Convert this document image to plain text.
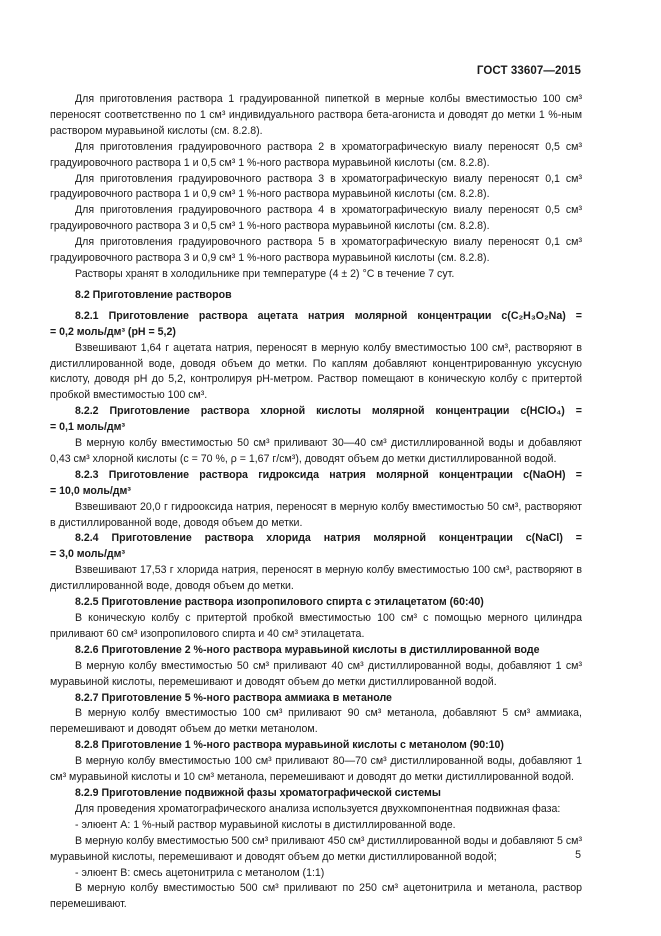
ГОСТ 33607—2015

Для приготовления раствора 1 градуированной пипеткой в мерные колбы вместимостью 100 см³ переносят соответственно по 1 см³ индивидуального раствора бета-агониста и доводят до метки 1 %-ным раствором муравьиной кислоты (см. 8.2.8).

Для приготовления градуировочного раствора 2 в хроматографическую виалу переносят 0,5 см³ градуировочного раствора 1 и 0,5 см³ 1 %-ного раствора муравьиной кислоты (см. 8.2.8).

Для приготовления градуировочного раствора 3 в хроматографическую виалу переносят 0,1 см³ градуировочного раствора 1 и 0,9 см³ 1 %-ного раствора муравьиной кислоты (см. 8.2.8).

Для приготовления градуировочного раствора 4 в хроматографическую виалу переносят 0,5 см³ градуировочного раствора 3 и 0,5 см³ 1 %-ного раствора муравьиной кислоты (см. 8.2.8).

Для приготовления градуировочного раствора 5 в хроматографическую виалу переносят 0,1 см³ градуировочного раствора 3 и 0,9 см³ 1 %-ного раствора муравьиной кислоты (см. 8.2.8).

Растворы хранят в холодильнике при температуре (4 ± 2) °С в течение 7 сут.

8.2 Приготовление растворов

8.2.1 Приготовление раствора ацетата натрия молярной концентрации с(C₂H₃O₂Na) =

= 0,2 моль/дм³ (pH = 5,2)

Взвешивают 1,64 г ацетата натрия, переносят в мерную колбу вместимостью 100 см³, растворяют в дистиллированной воде, доводя объем до метки. По каплям добавляют концентрированную уксусную кислоту, доводя pH до 5,2, контролируя pH-метром. Раствор помещают в коническую колбу с притертой пробкой вместимостью 100 см³.

8.2.2 Приготовление раствора хлорной кислоты молярной концентрации с(HClO₄) =

= 0,1 моль/дм³

В мерную колбу вместимостью 50 см³ приливают 30—40 см³ дистиллированной воды и добавляют 0,43 см³ хлорной кислоты (с = 70 %, ρ = 1,67 г/см³), доводят объем до метки дистиллированной водой.

8.2.3 Приготовление раствора гидроксида натрия молярной концентрации с(NaOH) =

= 10,0 моль/дм³

Взвешивают 20,0 г гидрооксида натрия, переносят в мерную колбу вместимостью 50 см³, растворяют в дистиллированной воде, доводя объем до метки.

8.2.4 Приготовление раствора хлорида натрия молярной концентрации с(NaCl) =

= 3,0 моль/дм³

Взвешивают 17,53 г хлорида натрия, переносят в мерную колбу вместимостью 100 см³, растворяют в дистиллированной воде, доводя объем до метки.

8.2.5 Приготовление раствора изопропилового спирта с этилацетатом (60:40)

В коническую колбу с притертой пробкой вместимостью 100 см³ с помощью мерного цилиндра приливают 60 см³ изопропилового спирта и 40 см³ этилацетата.

8.2.6 Приготовление 2 %-ного раствора муравьиной кислоты в дистиллированной воде

В мерную колбу вместимостью 50 см³ приливают 40 см³ дистиллированной воды, добавляют 1 см³ муравьиной кислоты, перемешивают и доводят объем до метки дистиллированной водой.

8.2.7 Приготовление 5 %-ного раствора аммиака в метаноле

В мерную колбу вместимостью 100 см³ приливают 90 см³ метанола, добавляют 5 см³ аммиака, перемешивают и доводят объем до метки метанолом.

8.2.8 Приготовление 1 %-ного раствора муравьиной кислоты с метанолом (90:10)

В мерную колбу вместимостью 100 см³ приливают 80—70 см³ дистиллированной воды, добавляют 1 см³ муравьиной кислоты и 10 см³ метанола, перемешивают и доводят до метки дистиллированной водой.

8.2.9 Приготовление подвижной фазы хроматографической системы

Для проведения хроматографического анализа используется двухкомпонентная подвижная фаза:

- элюент А: 1 %-ный раствор муравьиной кислоты в дистиллированной воде.

В мерную колбу вместимостью 500 см³ приливают 450 см³ дистиллированной воды и добавляют 5 см³ муравьиной кислоты, перемешивают и доводят объем до метки дистиллированной водой;

- элюент В: смесь ацетонитрила с метанолом (1:1)

В мерную колбу вместимостью 500 см³ приливают по 250 см³ ацетонитрила и метанола, раствор перемешивают.

5
